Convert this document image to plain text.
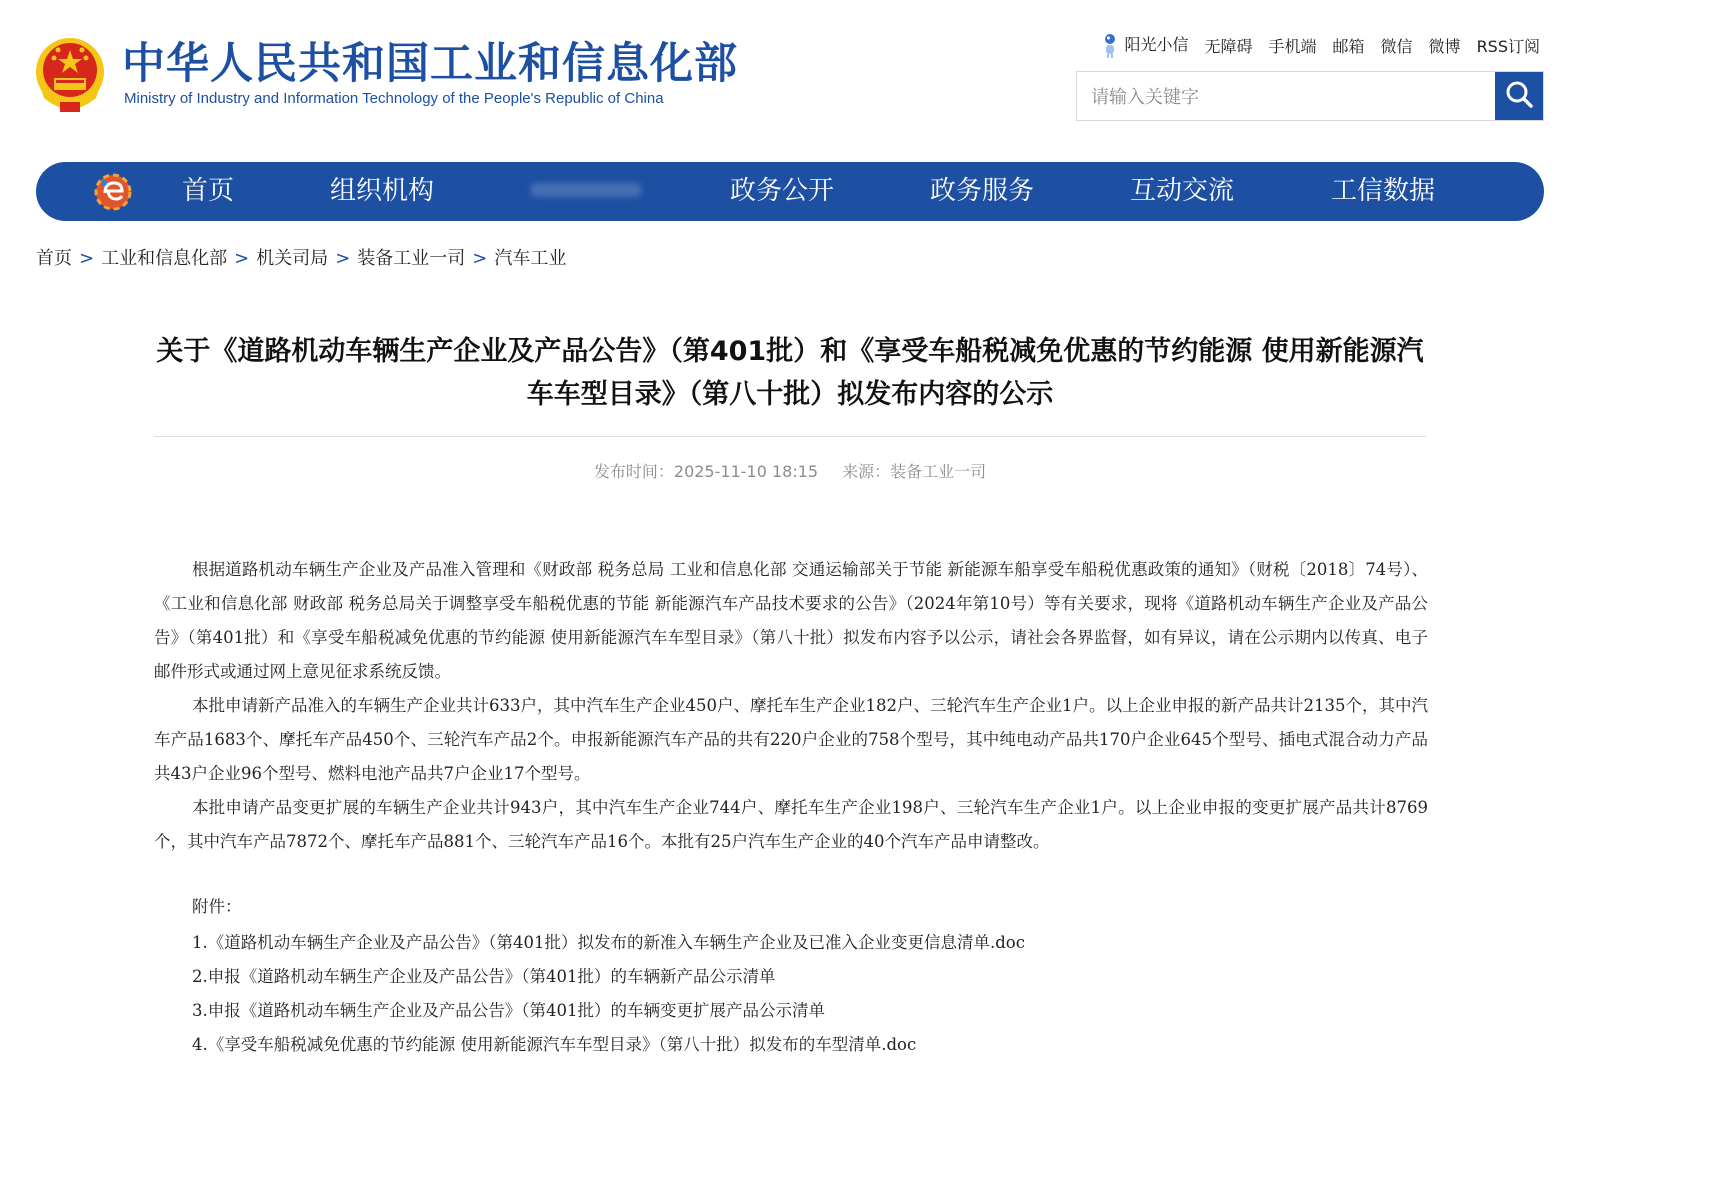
中华人民共和国工业和信息化部
Ministry of Industry and Information Technology of the People's Republic of China
阳光小信 无障碍 手机端 邮箱 微信 微博 RSS订阅
请输入关键字
首页	组织机构	政务公开	政务服务	互动交流	工信数据
首页 > 工业和信息化部 > 机关司局 > 装备工业一司 > 汽车工业
关于《道路机动车辆生产企业及产品公告》（第401批）和《享受车船税减免优惠的节约能源 使用新能源汽车车型目录》（第八十批）拟发布内容的公示
发布时间：2025-11-10 18:15 来源：装备工业一司

根据道路机动车辆生产企业及产品准入管理和《财政部 税务总局 工业和信息化部 交通运输部关于节能 新能源车船享受车船税优惠政策的通知》（财税〔2018〕74号）、《工业和信息化部 财政部 税务总局关于调整享受车船税优惠的节能 新能源汽车产品技术要求的公告》（2024年第10号）等有关要求，现将《道路机动车辆生产企业及产品公告》（第401批）和《享受车船税减免优惠的节约能源 使用新能源汽车车型目录》（第八十批）拟发布内容予以公示，请社会各界监督，如有异议，请在公示期内以传真、电子邮件形式或通过网上意见征求系统反馈。

本批申请新产品准入的车辆生产企业共计633户，其中汽车生产企业450户、摩托车生产企业182户、三轮汽车生产企业1户。以上企业申报的新产品共计2135个，其中汽车产品1683个、摩托车产品450个、三轮汽车产品2个。申报新能源汽车产品的共有220户企业的758个型号，其中纯电动产品共170户企业645个型号、插电式混合动力产品共43户企业96个型号、燃料电池产品共7户企业17个型号。

本批申请产品变更扩展的车辆生产企业共计943户，其中汽车生产企业744户、摩托车生产企业198户、三轮汽车生产企业1户。以上企业申报的变更扩展产品共计8769个，其中汽车产品7872个、摩托车产品881个、三轮汽车产品16个。本批有25户汽车生产企业的40个汽车产品申请整改。

附件：
1.《道路机动车辆生产企业及产品公告》（第401批）拟发布的新准入车辆生产企业及已准入企业变更信息清单.doc
2.申报《道路机动车辆生产企业及产品公告》（第401批）的车辆新产品公示清单
3.申报《道路机动车辆生产企业及产品公告》（第401批）的车辆变更扩展产品公示清单
4.《享受车船税减免优惠的节约能源 使用新能源汽车车型目录》（第八十批）拟发布的车型清单.doc
